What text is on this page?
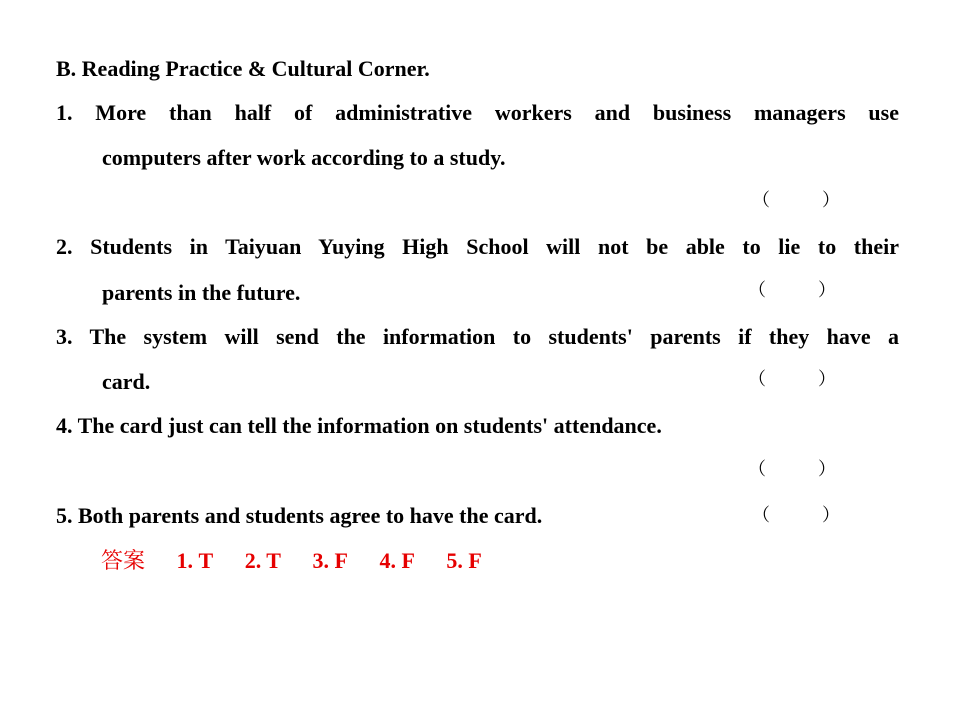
B. Reading Practice & Cultural Corner.
1. More than half of administrative workers and business managers use
computers after work according to a study.
（	）
2. Students in Taiyuan Yuying High School will not be able to lie to their
parents in the future.	（	）
3. The system will send the information to students' parents if they have a
card.	（	）
4. The card just can tell the information on students' attendance.
（	）
5. Both parents and students agree to have the card.	（	）
答案 1. T 2. T 3. F 4. F 5. F
